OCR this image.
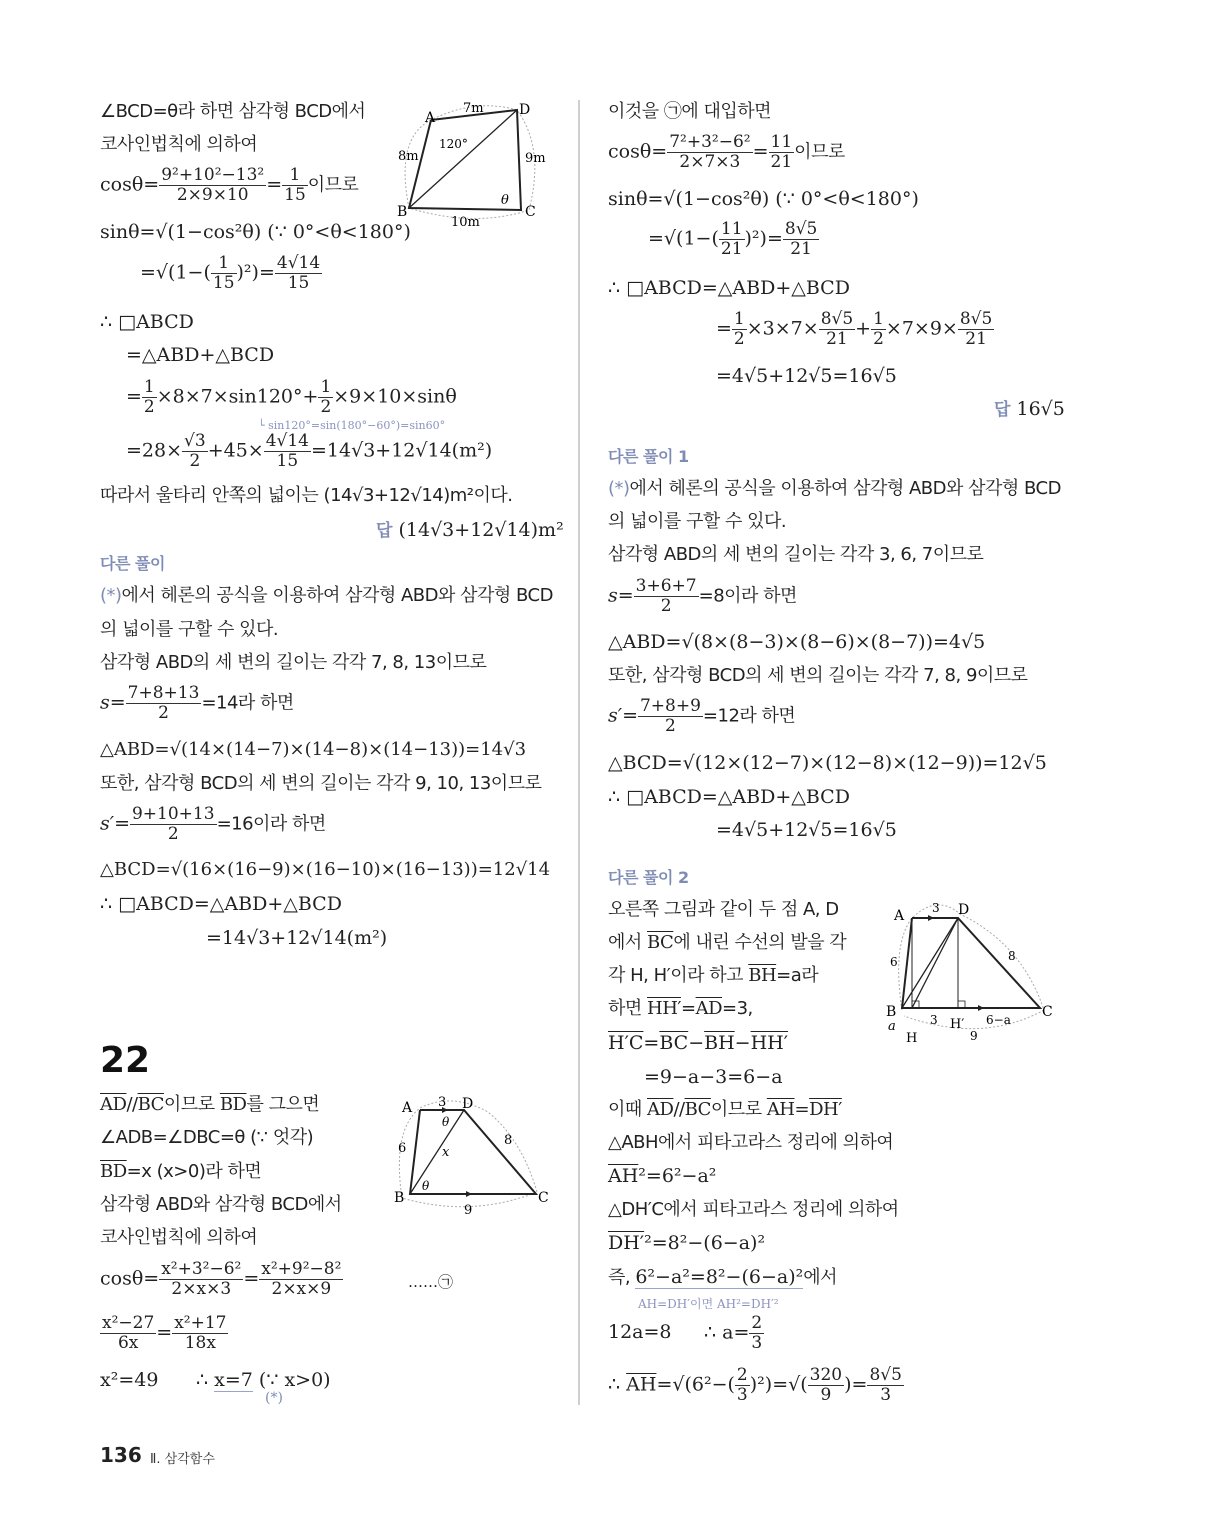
∠BCD=θ라 하면 삼각형 BCD에서
코사인법칙에 의하여
$\cos\theta= \frac{\text{9²+10²−13²}}{2\times 9\times 10} = \frac{1}{15}$ 이므로
sinθ=√(1−cos²θ) (∵ 0°<θ<180°)
$=√(1-( \frac{1}{15} )^2)= \frac{4√14}{15}$
∴ □ABCD
=△ABD+△BCD
= $\frac{1}{2} \times 8\times 7\times\sin 120^\circ+ \frac{1}{2} \times 9\times 10\times\sin\theta$
└ sin120°=sin(180°−60°)=sin60°
$=28\times \frac{√3}{2} +45\times \frac{4√14}{15} =14√3+12√14(m^2)$
따라서 울타리 안쪽의 넓이는 (14√3+12√14)m²이다.
답 (14√3+12√14)m²
A	D
B	C
7m
8m	9m
10m
120°
θ
다른 풀이
(*)에서 헤론의 공식을 이용하여 삼각형 ABD와 삼각형 BCD
의 넓이를 구할 수 있다.
삼각형 ABD의 세 변의 길이는 각각 7, 8, 13이므로
$s= \frac{7+8+13}{2} =14$라 하면
△ABD=√(14×(14−7)×(14−8)×(14−13))=14√3
또한, 삼각형 BCD의 세 변의 길이는 각각 9, 10, 13이므로
$s'= \frac{9+10+13}{2} =16$이라 하면
△BCD=√(16×(16−9)×(16−10)×(16−13))=12√14
∴ □ABCD=△ABD+△BCD
=14√3+12√14(m²)
22
$\overline{AD}//\overline{BC}$이므로 $\overline{BD}$를 그으면
∠ADB=∠DBC=θ (∵ 엇각)
$\overline{BD}=x$ (x>0)라 하면
삼각형 ABD와 삼각형 BCD에서
코사인법칙에 의하여
$\cos\theta= \frac{\text{x²+3²−6²}}{2\times x\times 3} = \frac{\text{x²+9²−8²}}{2\times x\times 9}$	……㉠
$\frac{\text{x²−27}}{6x} = \frac{\text{x²+17}}{18x}$
x²=49 ∴ x=7 (∵ x>0)
(*)
A	D
B	C
3
6
8
9
x
θ
θ
이것을 ㉠에 대입하면
$\cos\theta= \frac{\text{7²+3²−6²}}{2\times 7\times 3} = \frac{11}{21}$ 이므로
sinθ=√(1−cos²θ) (∵ 0°<θ<180°)
$=√(1-( \frac{11}{21} )^2)= \frac{8√5}{21}$
∴ □ABCD=△ABD+△BCD
= $\frac{1}{2} \times 3\times 7\times \frac{8√5}{21} + \frac{1}{2} \times 7\times 9\times \frac{8√5}{21}$
=4√5+12√5=16√5
답 16√5
다른 풀이 1
(*)에서 헤론의 공식을 이용하여 삼각형 ABD와 삼각형 BCD
의 넓이를 구할 수 있다.
삼각형 ABD의 세 변의 길이는 각각 3, 6, 7이므로
$s= \frac{3+6+7}{2} =8$이라 하면
△ABD=√(8×(8−3)×(8−6)×(8−7))=4√5
또한, 삼각형 BCD의 세 변의 길이는 각각 7, 8, 9이므로
$s'= \frac{7+8+9}{2} =12$라 하면
△BCD=√(12×(12−7)×(12−8)×(12−9))=12√5
∴ □ABCD=△ABD+△BCD
=4√5+12√5=16√5
다른 풀이 2
오른쪽 그림과 같이 두 점 A, D
에서 $\overline{BC}$에 내린 수선의 발을 각
각 H, H′이라 하고 $\overline{BH}=a$라
하면 $HH'=\overline{AD}=3$,
$H'C=\overline{BC}-\overline{BH}-HH'$
=9−a−3=6−a
이때 $\overline{AD}//\overline{BC}$이므로 $\overline{AH}=DH'$
△ABH에서 피타고라스 정리에 의하여
$\overline{AH}^2=6^2-a^2$
△DH′C에서 피타고라스 정리에 의하여
DH′²=8²−(6−a)²
즉, 6²−a²=8²−(6−a)²에서
AH=DH′이면 AH²=DH′²
12a=8 ∴ $a= \frac{2}{3}$
∴ $\overline{AH}=√(6^2-( \frac{2}{3} )^2)=√( \frac{320}{9}$ )= $\frac{8√5}{3}$
A	D
B	C
H
H′
3
6	8
9
3	6−a
a
136 Ⅱ. 삼각함수
